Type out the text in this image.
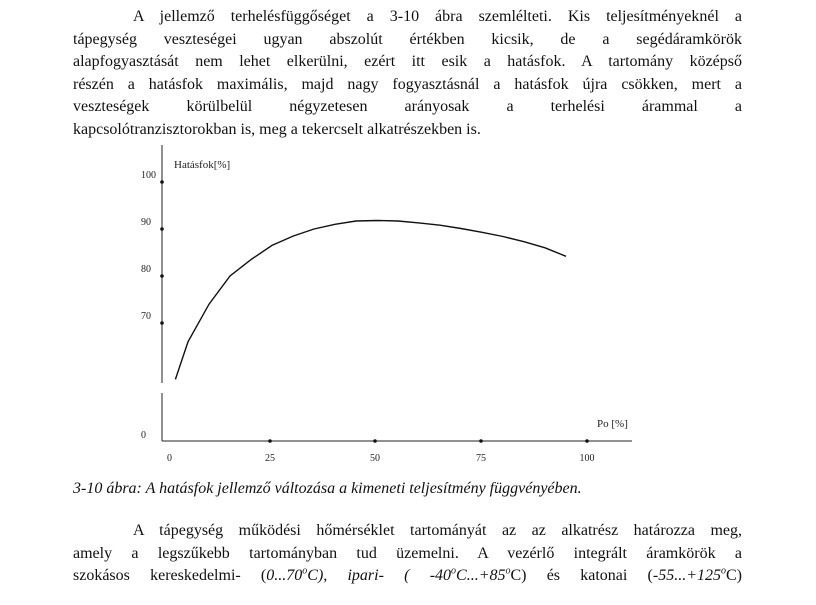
A jellemző terhelésfüggőséget a 3-10 ábra szemlélteti. Kis teljesítményeknél a

tápegység veszteségei ugyan abszolút értékben kicsik, de a segédáramkörök

alapfogyasztását nem lehet elkerülni, ezért itt esik a hatásfok. A tartomány középső

részén a hatásfok maximális, majd nagy fogyasztásnál a hatásfok újra csökken, mert a

veszteségek körülbelül négyzetesen arányosak a terhelési árammal a

kapcsolótranzisztorokban is, meg a tekercselt alkatrészekben is.

Hatásfok[%]
Po [%]
0
70
80
90
100
0	25	50	75	100

3-10 ábra: A hatásfok jellemző változása a kimeneti teljesítmény függvényében.

A tápegység működési hőmérséklet tartományát az az alkatrész határozza meg,

amely a legszűkebb tartományban tud üzemelni. A vezérlő integrált áramkörök a

szokásos kereskedelmi- (0...70$^o$C), ipari- ( $-40^oC...+85^oC$) és katonai $(-55...+125^oC)$
